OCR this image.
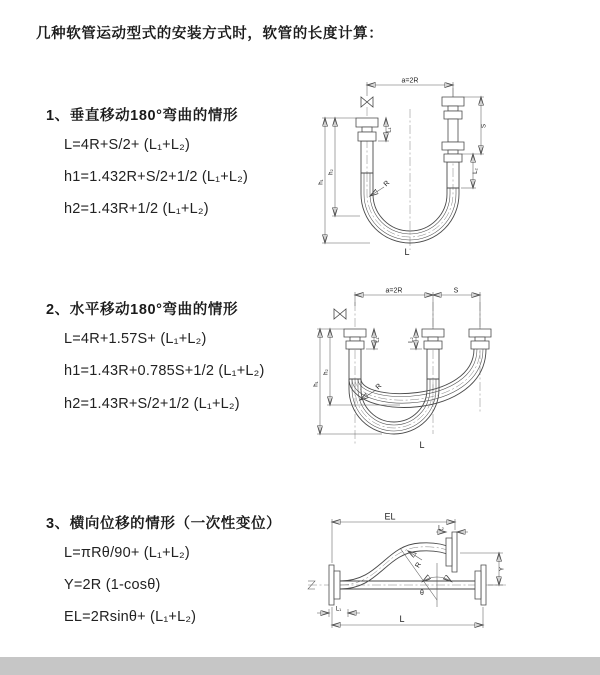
几种软管运动型式的安装方式时，软管的长度计算：
1、垂直移动180°弯曲的情形
L=4R+S/2+ (L₁+L₂)
h1=1.432R+S/2+1/2 (L₁+L₂)
h2=1.43R+1/2 (L₁+L₂)
2、水平移动180°弯曲的情形
L=4R+1.57S+ (L₁+L₂)
h1=1.43R+0.785S+1/2 (L₁+L₂)
h2=1.43R+S/2+1/2 (L₁+L₂)
3、横向位移的情形（一次性变位）
L=πRθ/90+ (L₁+L₂)
Y=2R (1-cosθ)
EL=2Rsinθ+ (L₁+L₂)
a=2R
h₁
h₂
L₁
S
L₂
R
L
a=2R	S
h₁
h₂
L₁	L₂
R
L
EL
L₂
Y
R
θ
L
L₁
